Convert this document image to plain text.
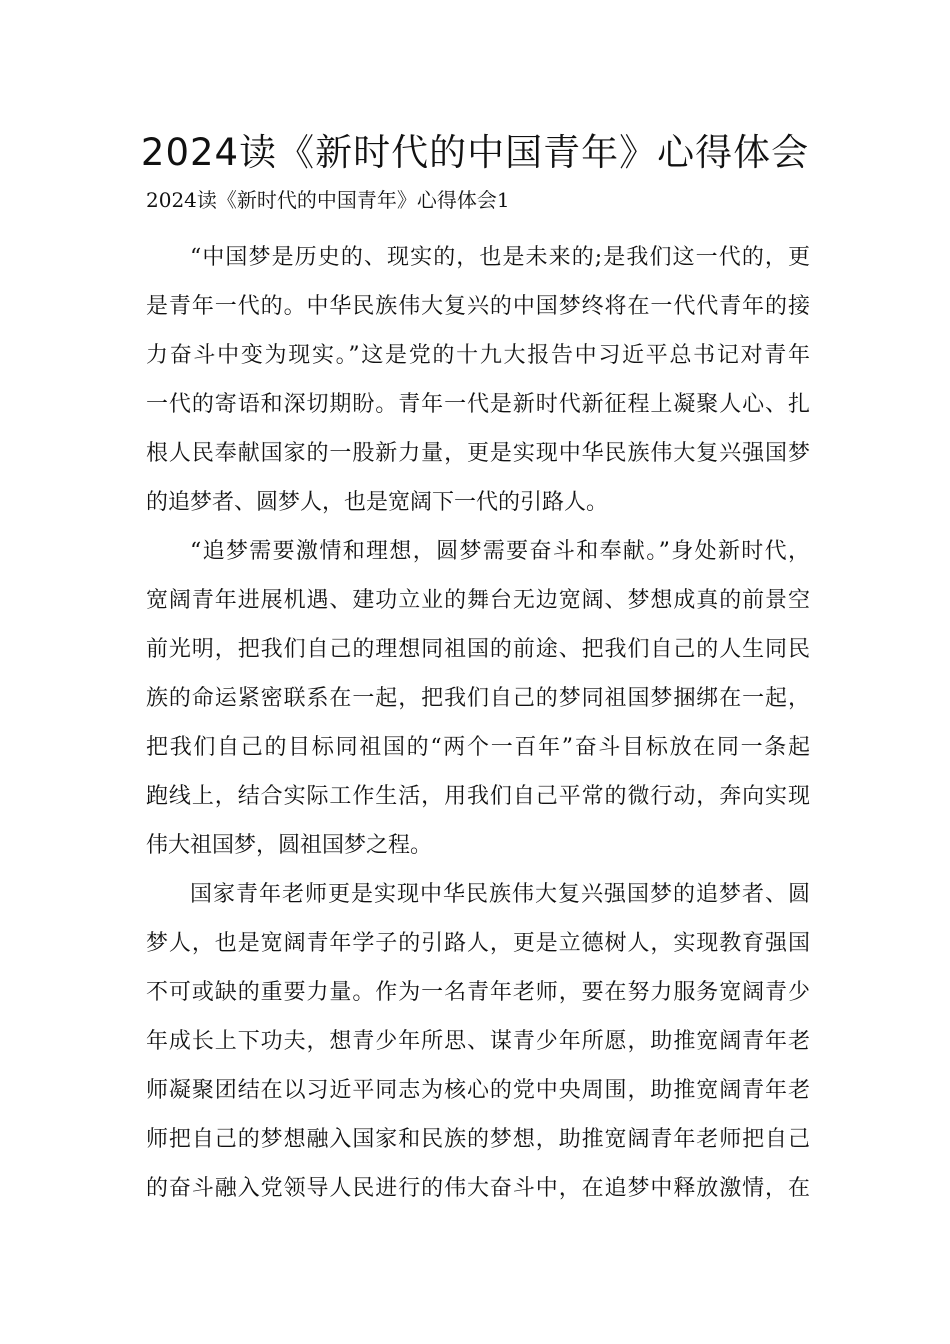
2024读《新时代的中国青年》心得体会
2024读《新时代的中国青年》心得体会1
“中国梦是历史的、现实的，也是未来的;是我们这一代的，更
是青年一代的。中华民族伟大复兴的中国梦终将在一代代青年的接
力奋斗中变为现实。”这是党的十九大报告中习近平总书记对青年
一代的寄语和深切期盼。青年一代是新时代新征程上凝聚人心、扎
根人民奉献国家的一股新力量，更是实现中华民族伟大复兴强国梦
的追梦者、圆梦人，也是宽阔下一代的引路人。
“追梦需要激情和理想，圆梦需要奋斗和奉献。”身处新时代，
宽阔青年进展机遇、建功立业的舞台无边宽阔、梦想成真的前景空
前光明，把我们自己的理想同祖国的前途、把我们自己的人生同民
族的命运紧密联系在一起，把我们自己的梦同祖国梦捆绑在一起，
把我们自己的目标同祖国的“两个一百年”奋斗目标放在同一条起
跑线上，结合实际工作生活，用我们自己平常的微行动，奔向实现
伟大祖国梦，圆祖国梦之程。
国家青年老师更是实现中华民族伟大复兴强国梦的追梦者、圆
梦人，也是宽阔青年学子的引路人，更是立德树人，实现教育强国
不可或缺的重要力量。作为一名青年老师，要在努力服务宽阔青少
年成长上下功夫，想青少年所思、谋青少年所愿，助推宽阔青年老
师凝聚团结在以习近平同志为核心的党中央周围，助推宽阔青年老
师把自己的梦想融入国家和民族的梦想，助推宽阔青年老师把自己
的奋斗融入党领导人民进行的伟大奋斗中，在追梦中释放激情，在
